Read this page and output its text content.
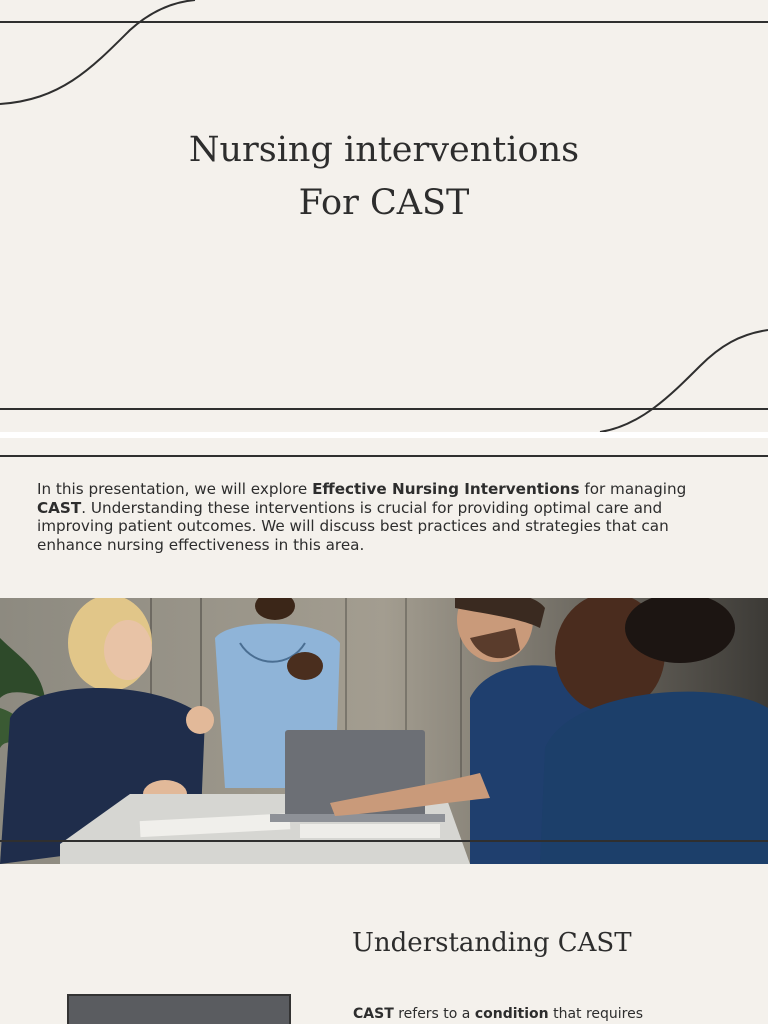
Nursing interventions
For CAST
In this presentation, we will explore Effective Nursing Interventions for managing CAST. Understanding these interventions is crucial for providing optimal care and improving patient outcomes. We will discuss best practices and strategies that can enhance nursing effectiveness in this area.
Understanding CAST
CAST refers to a condition that requires
